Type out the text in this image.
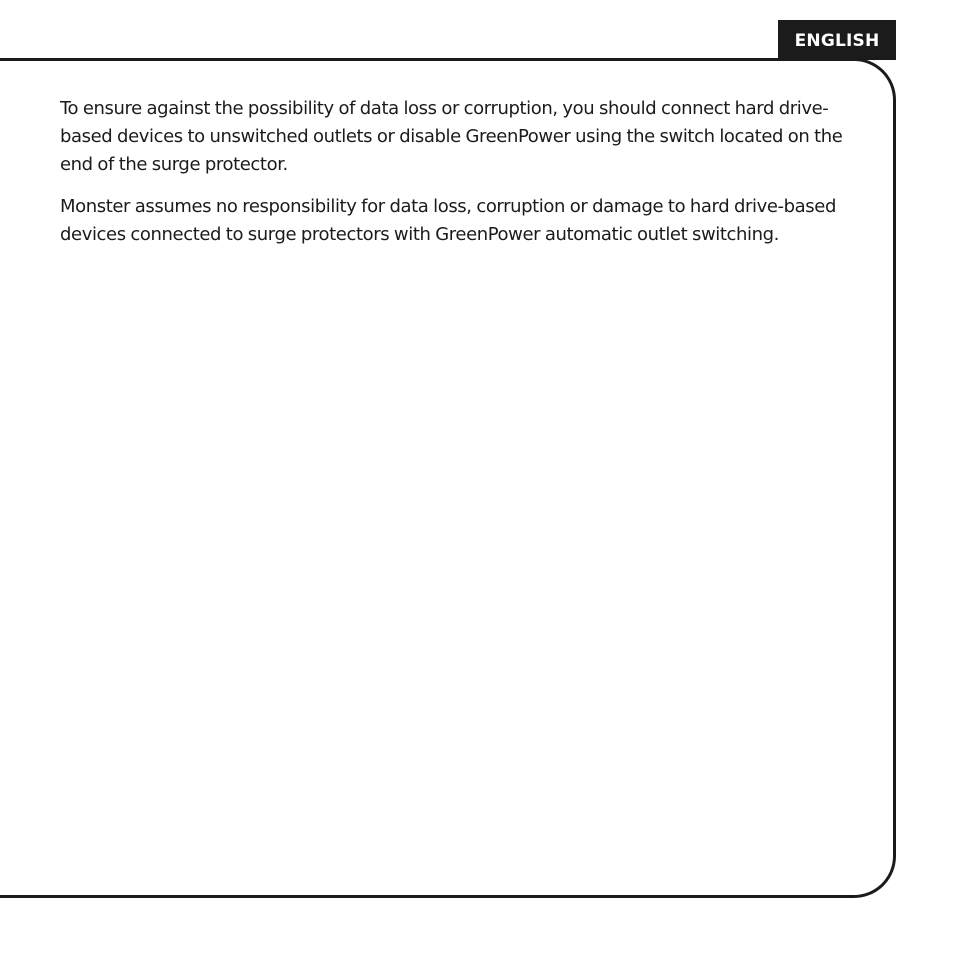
ENGLISH

To ensure against the possibility of data loss or corruption, you should connect hard drive-based devices to unswitched outlets or disable GreenPower using the switch located on the end of the surge protector.

Monster assumes no responsibility for data loss, corruption or damage to hard drive-based devices connected to surge protectors with GreenPower automatic outlet switching.
